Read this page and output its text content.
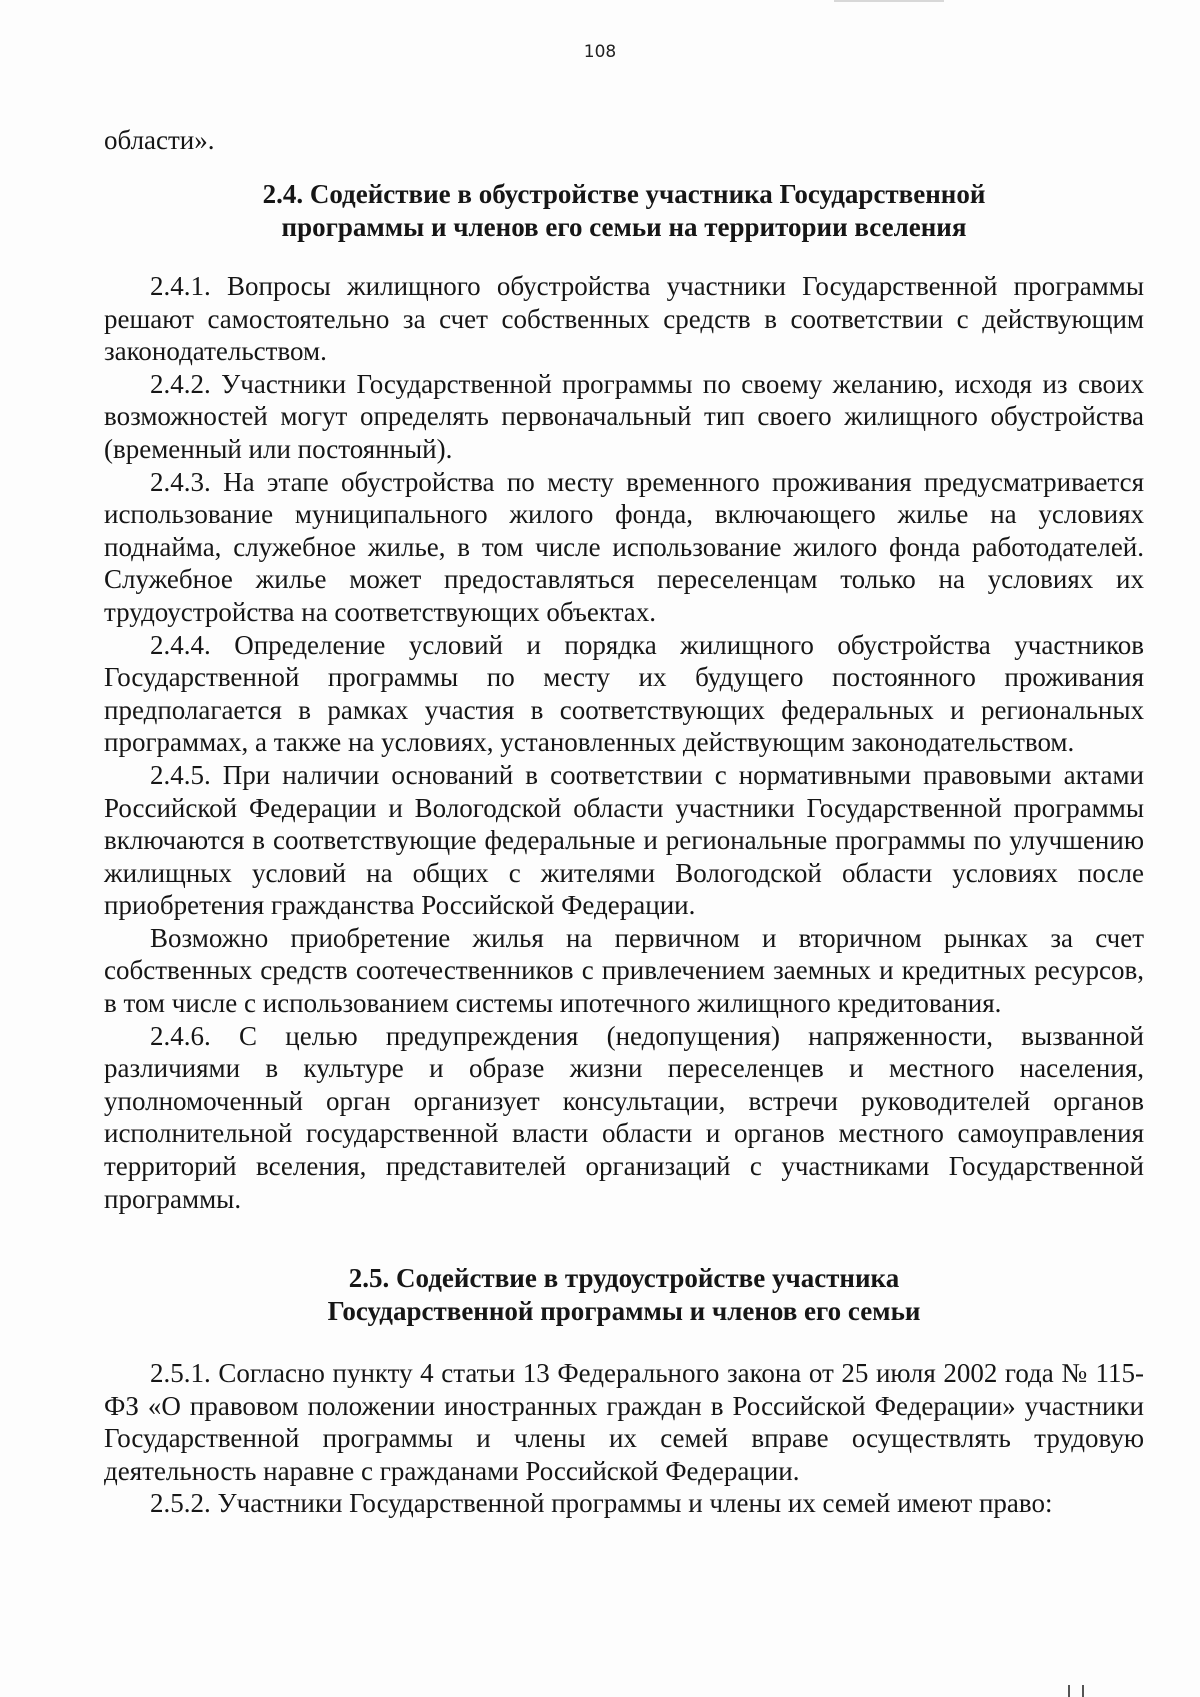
108

области».

2.4. Содействие в обустройстве участника Государственной
программы и членов его семьи на территории вселения

2.4.1. Вопросы жилищного обустройства участники Государственной программы решают самостоятельно за счет собственных средств в соответствии с действующим законодательством.

2.4.2. Участники Государственной программы по своему желанию, исходя из своих возможностей могут определять первоначальный тип своего жилищного обустройства (временный или постоянный).

2.4.3. На этапе обустройства по месту временного проживания предусматривается использование муниципального жилого фонда, включающего жилье на условиях поднайма, служебное жилье, в том числе использование жилого фонда работодателей. Служебное жилье может предоставляться переселенцам только на условиях их трудоустройства на соответствующих объектах.

2.4.4. Определение условий и порядка жилищного обустройства участников Государственной программы по месту их будущего постоянного проживания предполагается в рамках участия в соответствующих федеральных и региональных программах, а также на условиях, установленных действующим законодательством.

2.4.5. При наличии оснований в соответствии с нормативными правовыми актами Российской Федерации и Вологодской области участники Государственной программы включаются в соответствующие федеральные и региональные программы по улучшению жилищных условий на общих с жителями Вологодской области условиях после приобретения гражданства Российской Федерации.

Возможно приобретение жилья на первичном и вторичном рынках за счет собственных средств соотечественников с привлечением заемных и кредитных ресурсов, в том числе с использованием системы ипотечного жилищного кредитования.

2.4.6. С целью предупреждения (недопущения) напряженности, вызванной различиями в культуре и образе жизни переселенцев и местного населения, уполномоченный орган организует консультации, встречи руководителей органов исполнительной государственной власти области и органов местного самоуправления территорий вселения, представителей организаций с участниками Государственной программы.

2.5. Содействие в трудоустройстве участника
Государственной программы и членов его семьи

2.5.1. Согласно пункту 4 статьи 13 Федерального закона от 25 июля 2002 года № 115-ФЗ «О правовом положении иностранных граждан в Российской Федерации» участники Государственной программы и члены их семей вправе осуществлять трудовую деятельность наравне с гражданами Российской Федерации.

2.5.2. Участники Государственной программы и члены их семей имеют право:
